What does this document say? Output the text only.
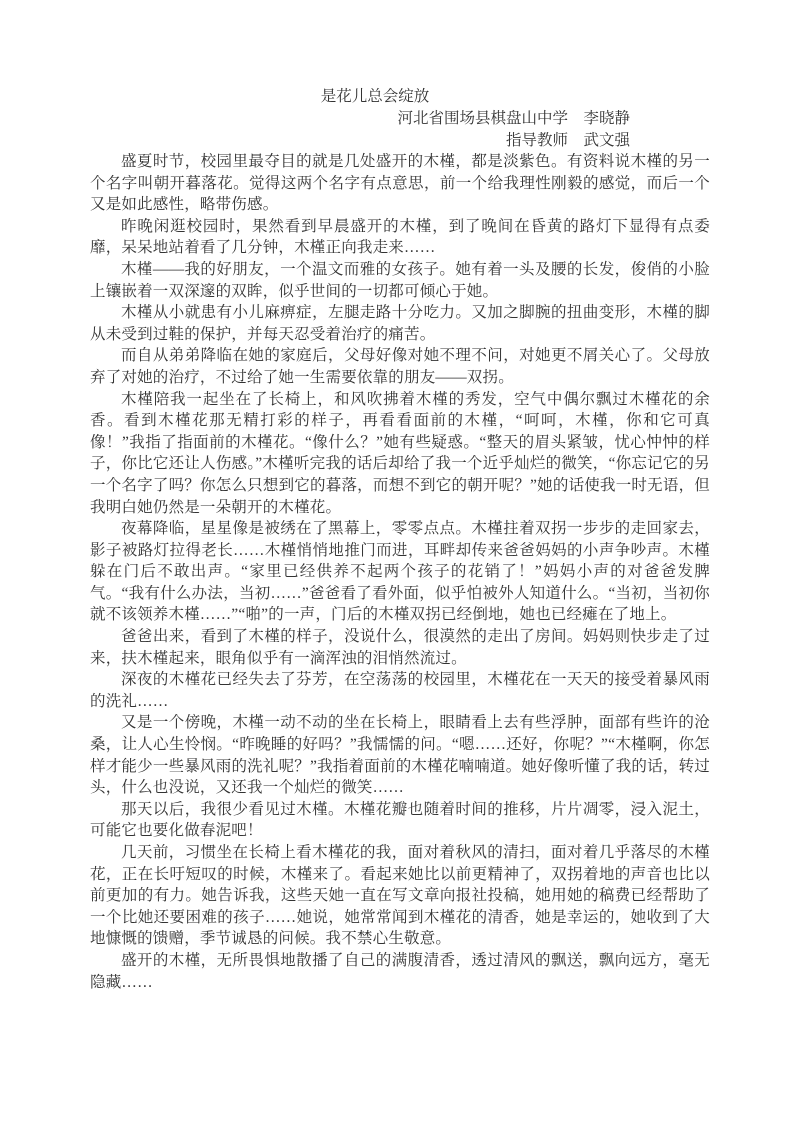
是花儿总会绽放
河北省围场县棋盘山中学　李晓静
指导教师　武文强

盛夏时节，校园里最夺目的就是几处盛开的木槿，都是淡紫色。有资料说木槿的另一个名字叫朝开暮落花。觉得这两个名字有点意思，前一个给我理性刚毅的感觉，而后一个又是如此感性，略带伤感。

昨晚闲逛校园时，果然看到早晨盛开的木槿，到了晚间在昏黄的路灯下显得有点委靡，呆呆地站着看了几分钟，木槿正向我走来……

木槿——我的好朋友，一个温文而雅的女孩子。她有着一头及腰的长发，俊俏的小脸上镶嵌着一双深邃的双眸，似乎世间的一切都可倾心于她。

木槿从小就患有小儿麻痹症，左腿走路十分吃力。又加之脚腕的扭曲变形，木槿的脚从未受到过鞋的保护，并每天忍受着治疗的痛苦。

而自从弟弟降临在她的家庭后，父母好像对她不理不问，对她更不屑关心了。父母放弃了对她的治疗，不过给了她一生需要依靠的朋友——双拐。

木槿陪我一起坐在了长椅上，和风吹拂着木槿的秀发，空气中偶尔飘过木槿花的余香。看到木槿花那无精打彩的样子，再看看面前的木槿，“呵呵，木槿，你和它可真像！”我指了指面前的木槿花。“像什么？”她有些疑惑。“整天的眉头紧皱，忧心忡忡的样子，你比它还让人伤感。”木槿听完我的话后却给了我一个近乎灿烂的微笑，“你忘记它的另一个名字了吗？你怎么只想到它的暮落，而想不到它的朝开呢？”她的话使我一时无语，但我明白她仍然是一朵朝开的木槿花。

夜幕降临，星星像是被绣在了黑幕上，零零点点。木槿拄着双拐一步步的走回家去，影子被路灯拉得老长……木槿悄悄地推门而进，耳畔却传来爸爸妈妈的小声争吵声。木槿躲在门后不敢出声。“家里已经供养不起两个孩子的花销了！”妈妈小声的对爸爸发脾气。“我有什么办法，当初……”爸爸看了看外面，似乎怕被外人知道什么。“当初，当初你就不该领养木槿……”“啪”的一声，门后的木槿双拐已经倒地，她也已经瘫在了地上。

爸爸出来，看到了木槿的样子，没说什么，很漠然的走出了房间。妈妈则快步走了过来，扶木槿起来，眼角似乎有一滴浑浊的泪悄然流过。

深夜的木槿花已经失去了芬芳，在空荡荡的校园里，木槿花在一天天的接受着暴风雨的洗礼……

又是一个傍晚，木槿一动不动的坐在长椅上，眼睛看上去有些浮肿，面部有些许的沧桑，让人心生怜悯。“昨晚睡的好吗？”我懦懦的问。“嗯……还好，你呢？”“木槿啊，你怎样才能少一些暴风雨的洗礼呢？”我指着面前的木槿花喃喃道。她好像听懂了我的话，转过头，什么也没说，又还我一个灿烂的微笑……

那天以后，我很少看见过木槿。木槿花瓣也随着时间的推移，片片凋零，浸入泥土，可能它也要化做春泥吧！

几天前，习惯坐在长椅上看木槿花的我，面对着秋风的清扫，面对着几乎落尽的木槿花，正在长吁短叹的时候，木槿来了。看起来她比以前更精神了，双拐着地的声音也比以前更加的有力。她告诉我，这些天她一直在写文章向报社投稿，她用她的稿费已经帮助了一个比她还要困难的孩子……她说，她常常闻到木槿花的清香，她是幸运的，她收到了大地慷慨的馈赠，季节诚恳的问候。我不禁心生敬意。

盛开的木槿，无所畏惧地散播了自己的满腹清香，透过清风的飘送，飘向远方，毫无隐藏……
